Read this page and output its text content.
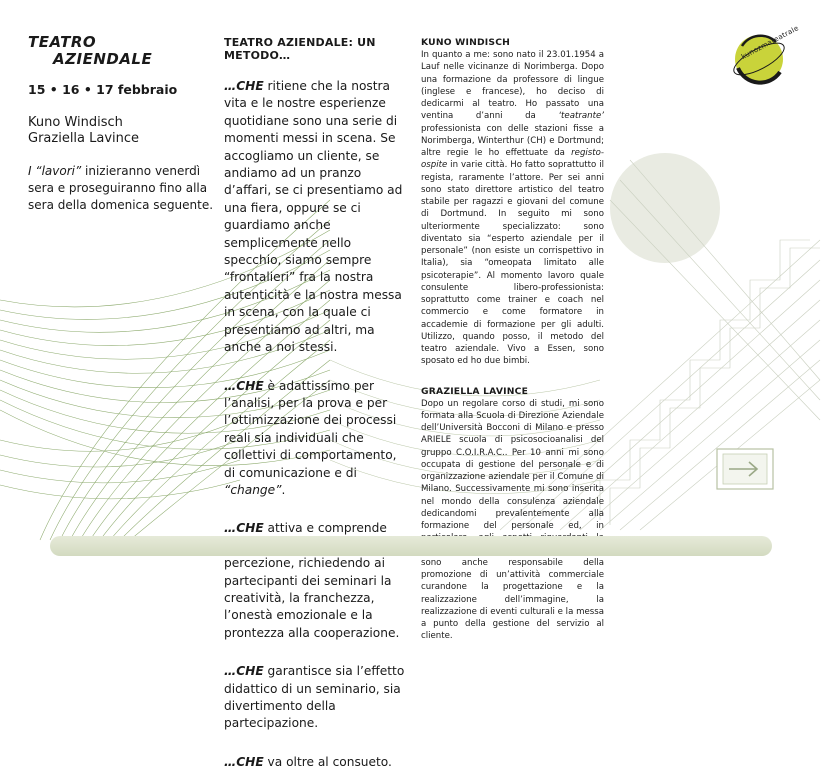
TEATRO
AZIENDALE
15 • 16 • 17 febbraio
Kuno Windisch
Graziella Lavince

I “lavori” inizieranno venerdì sera e proseguiranno fino alla sera della domenica seguente.

TEATRO AZIENDALE: UN METODO…

…CHE ritiene che la nostra vita e le nostre esperienze quotidiane sono una serie di momenti messi in scena. Se accogliamo un cliente, se andiamo ad un pranzo d’affari, se ci presentiamo ad una fiera, oppure se ci guardiamo anche semplicemente nello specchio, siamo sempre “frontalieri” fra la nostra autenticità e la nostra messa in scena, con la quale ci presentiamo ad altri, ma anche a noi stessi.

…CHE è adattissimo per l’analisi, per la prova e per l’ottimizzazione dei processi reali sia individuali che collettivi di comportamento, di comunicazione e di “change”.

…CHE attiva e comprende percezione, richiedendo ai partecipanti dei seminari la creatività, la franchezza, l’onestà emozionale e la prontezza alla cooperazione.

…CHE garantisce sia l’effetto didattico di un seminario, sia divertimento della partecipazione.

…CHE va oltre al consueto.

KUNO WINDISCH
In quanto a me: sono nato il 23.01.1954 a Lauf nelle vicinanze di Norimberga. Dopo una formazione da professore di lingue (inglese e francese), ho deciso di dedicarmi al teatro. Ho passato una ventina d’anni da ‘teatrante’ professionista con delle stazioni fisse a Norimberga, Winterthur (CH) e Dortmund; altre regie le ho effettuate da registo-ospite in varie città. Ho fatto soprattutto il regista, raramente l’attore. Per sei anni sono stato direttore artistico del teatro stabile per ragazzi e giovani del comune di Dortmund. In seguito mi sono ulteriormente specializzato: sono diventato sia “esperto aziendale per il personale” (non esiste un corrispettivo in Italia), sia “omeopata limitato alle psicoterapie”. Al momento lavoro quale consulente libero-professionista: soprattutto come trainer e coach nel commercio e come formatore in accademie di formazione per gli adulti. Utilizzo, quando posso, il metodo del teatro aziendale. Vivo a Essen, sono sposato ed ho due bimbi.
GRAZIELLA LAVINCE
Dopo un regolare corso di studi, mi sono formata alla Scuola di Direzione Aziendale dell’Università Bocconi di Milano e presso ARIELE scuola di psicosocioanalisi del gruppo C.O.I.R.A.C.. Per 10 anni mi sono occupata di gestione del personale e di organizzazione aziendale per il Comune di Milano. Successivamente mi sono inserita nel mondo della consulenza aziendale dedicandomi prevalentemente alla formazione del personale ed, in sono anche responsabile della promozione di un’attività commerciale curandone la progettazione e la realizzazione dell’immagine, la realizzazione di eventi culturali e la messa a punto della gestione del servizio al cliente.
kunozmateatrale
